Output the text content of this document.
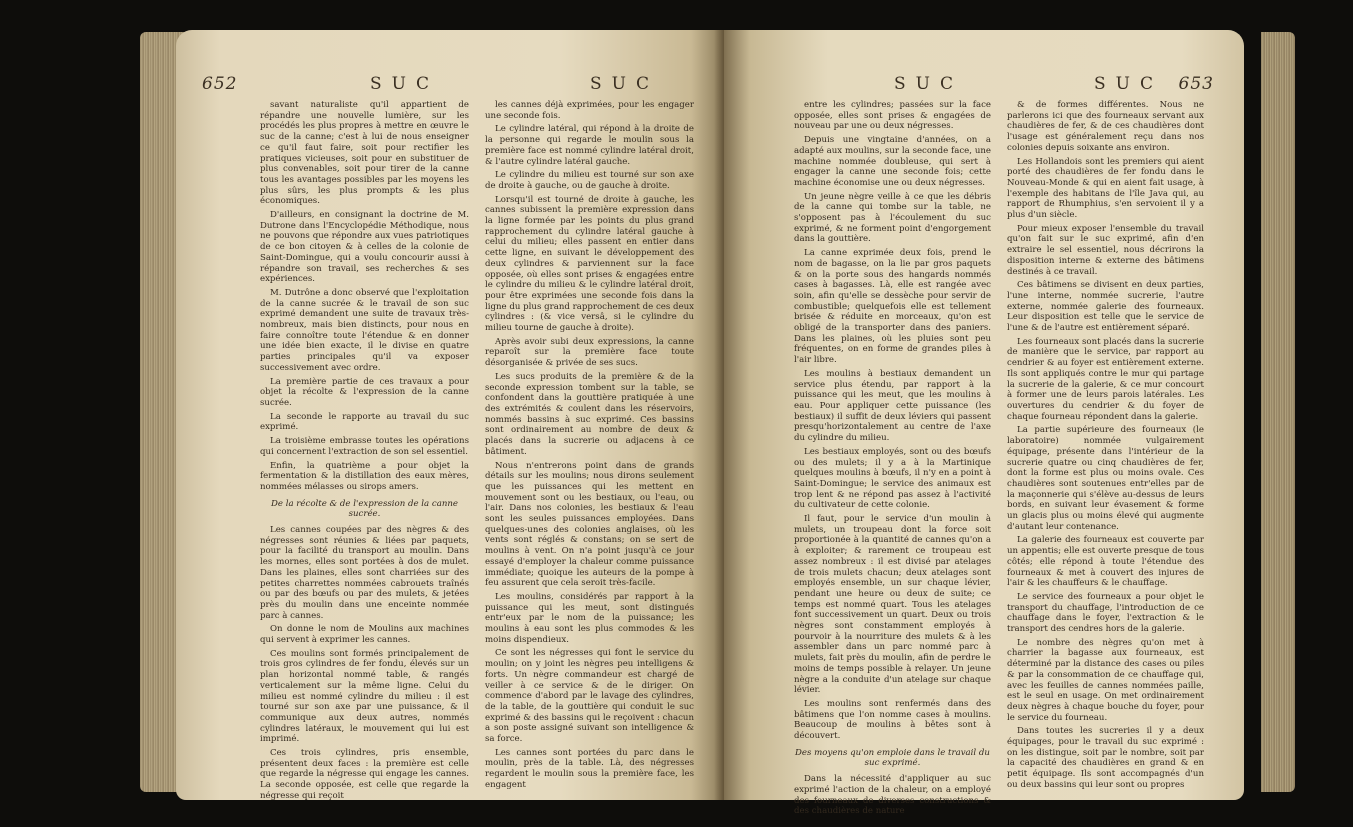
652	SUC	SUC

savant naturaliste qu'il appartient de répandre une nouvelle lumière, sur les procédés les plus propres à mettre en œuvre le suc de la canne; c'est à lui de nous enseigner ce qu'il faut faire, soit pour rectifier les pratiques vicieuses, soit pour en substituer de plus convenables, soit pour tirer de la canne tous les avantages possibles par les moyens les plus sûrs, les plus prompts & les plus économiques.

D'ailleurs, en consignant la doctrine de M. Dutrone dans l'Encyclopédie Méthodique, nous ne pouvons que répondre aux vues patriotiques de ce bon citoyen & à celles de la colonie de Saint-Domingue, qui a voulu concourir aussi à répandre son travail, ses recherches & ses expériences.

M. Dutrône a donc observé que l'exploitation de la canne sucrée & le travail de son suc exprimé demandent une suite de travaux très-nombreux, mais bien distincts, pour nous en faire connoître toute l'étendue & en donner une idée bien exacte, il le divise en quatre parties principales qu'il va exposer successivement avec ordre.

La première partie de ces travaux a pour objet la récolte & l'expression de la canne sucrée.

La seconde le rapporte au travail du suc exprimé.

La troisième embrasse toutes les opérations qui concernent l'extraction de son sel essentiel.

Enfin, la quatrième a pour objet la fermentation & la distillation des eaux mères, nommées mélasses ou sirops amers.

De la récolte & de l'expression de la canne sucrée.

Les cannes coupées par des nègres & des négresses sont réunies & liées par paquets, pour la facilité du transport au moulin. Dans les mornes, elles sont portées à dos de mulet. Dans les plaines, elles sont charriées sur des petites charrettes nommées cabrouets traînés ou par des bœufs ou par des mulets, & jetées près du moulin dans une enceinte nommée parc à cannes.

On donne le nom de Moulins aux machines qui servent à exprimer les cannes.

Ces moulins sont formés principalement de trois gros cylindres de fer fondu, élevés sur un plan horizontal nommé table, & rangés verticalement sur la même ligne. Celui du milieu est nommé cylindre du milieu : il est tourné sur son axe par une puissance, & il communique aux deux autres, nommés cylindres latéraux, le mouvement qui lui est imprimé.

Ces trois cylindres, pris ensemble, présentent deux faces : la première est celle que regarde la négresse qui engage les cannes. La seconde opposée, est celle que regarde la négresse qui reçoit

les cannes déjà exprimées, pour les engager une seconde fois.

Le cylindre latéral, qui répond à la droite de la personne qui regarde le moulin sous la première face est nommé cylindre latéral droit, & l'autre cylindre latéral gauche.

Le cylindre du milieu est tourné sur son axe de droite à gauche, ou de gauche à droite.

Lorsqu'il est tourné de droite à gauche, les cannes subissent la première expression dans la ligne formée par les points du plus grand rapprochement du cylindre latéral gauche à celui du milieu; elles passent en entier dans cette ligne, en suivant le développement des deux cylindres & parviennent sur la face opposée, où elles sont prises & engagées entre le cylindre du milieu & le cylindre latéral droit, pour être exprimées une seconde fois dans la ligne du plus grand rapprochement de ces deux cylindres : (& vice versâ, si le cylindre du milieu tourne de gauche à droite).

Après avoir subi deux expressions, la canne reparoît sur la première face toute désorganisée & privée de ses sucs.

Les sucs produits de la première & de la seconde expression tombent sur la table, se confondent dans la gouttière pratiquée à une des extrémités & coulent dans les réservoirs, nommés bassins à suc exprimé. Ces bassins sont ordinairement au nombre de deux & placés dans la sucrerie ou adjacens à ce bâtiment.

Nous n'entrerons point dans de grands détails sur les moulins; nous dirons seulement que les puissances qui les mettent en mouvement sont ou les bestiaux, ou l'eau, ou l'air. Dans nos colonies, les bestiaux & l'eau sont les seules puissances employées. Dans quelques-unes des colonies anglaises, où les vents sont réglés & constans; on se sert de moulins à vent. On n'a point jusqu'à ce jour essayé d'employer la chaleur comme puissance immédiate; quoique les auteurs de la pompe à feu assurent que cela seroit très-facile.

Les moulins, considérés par rapport à la puissance qui les meut, sont distingués entr'eux par le nom de la puissance; les moulins à eau sont les plus commodes & les moins dispendieux.

Ce sont les négresses qui font le service du moulin; on y joint les nègres peu intelligens & forts. Un nègre commandeur est chargé de veiller à ce service & de le diriger. On commence d'abord par le lavage des cylindres, de la table, de la gouttière qui conduit le suc exprimé & des bassins qui le reçoivent : chacun a son poste assigné suivant son intelligence & sa force.

Les cannes sont portées du parc dans le moulin, près de la table. Là, des négresses regardent le moulin sous la première face, les engagent

SUC	SUC 653

entre les cylindres; passées sur la face opposée, elles sont prises & engagées de nouveau par une ou deux négresses.

Depuis une vingtaine d'années, on a adapté aux moulins, sur la seconde face, une machine nommée doubleuse, qui sert à engager la canne une seconde fois; cette machine économise une ou deux négresses.

Un jeune nègre veille à ce que les débris de la canne qui tombe sur la table, ne s'opposent pas à l'écoulement du suc exprimé, & ne forment point d'engorgement dans la gouttière.

La canne exprimée deux fois, prend le nom de bagasse, on la lie par gros paquets & on la porte sous des hangards nommés cases à bagasses. Là, elle est rangée avec soin, afin qu'elle se dessèche pour servir de combustible; quelquefois elle est tellement brisée & réduite en morceaux, qu'on est obligé de la transporter dans des paniers. Dans les plaines, où les pluies sont peu fréquentes, on en forme de grandes piles à l'air libre.

Les moulins à bestiaux demandent un service plus étendu, par rapport à la puissance qui les meut, que les moulins à eau. Pour appliquer cette puissance (les bestiaux) il suffit de deux léviers qui passent presqu'horizontalement au centre de l'axe du cylindre du milieu.

Les bestiaux employés, sont ou des bœufs ou des mulets; il y a à la Martinique quelques moulins à bœufs, il n'y en a point à Saint-Domingue; le service des animaux est trop lent & ne répond pas assez à l'activité du cultivateur de cette colonie.

Il faut, pour le service d'un moulin à mulets, un troupeau dont la force soit proportionée à la quantité de cannes qu'on a à exploiter; & rarement ce troupeau est assez nombreux : il est divisé par atelages de trois mulets chacun; deux atelages sont employés ensemble, un sur chaque lévier, pendant une heure ou deux de suite; ce temps est nommé quart. Tous les atelages font successivement un quart. Deux ou trois nègres sont constamment employés à pourvoir à la nourriture des mulets & à les assembler dans un parc nommé parc à mulets, fait près du moulin, afin de perdre le moins de temps possible à relayer. Un jeune nègre a la conduite d'un atelage sur chaque lévier.

Les moulins sont renfermés dans des bâtimens que l'on nomme cases à moulins. Beaucoup de moulins à bêtes sont à découvert.

Des moyens qu'on emploie dans le travail du suc exprimé.

Dans la nécessité d'appliquer au suc exprimé l'action de la chaleur, on a employé des fourneaux de diverses constructions & des chaudières de nature

& de formes différentes. Nous ne parlerons ici que des fourneaux servant aux chaudières de fer, & de ces chaudières dont l'usage est généralement reçu dans nos colonies depuis soixante ans environ.

Les Hollandois sont les premiers qui aient porté des chaudières de fer fondu dans le Nouveau-Monde & qui en aient fait usage, à l'exemple des habitans de l'île Java qui, au rapport de Rhumphius, s'en servoient il y a plus d'un siècle.

Pour mieux exposer l'ensemble du travail qu'on fait sur le suc exprimé, afin d'en extraire le sel essentiel, nous décrirons la disposition interne & externe des bâtimens destinés à ce travail.

Ces bâtimens se divisent en deux parties, l'une interne, nommée sucrerie, l'autre externe, nommée galerie des fourneaux. Leur disposition est telle que le service de l'une & de l'autre est entièrement séparé.

Les fourneaux sont placés dans la sucrerie de manière que le service, par rapport au cendrier & au foyer est entièrement externe. Ils sont appliqués contre le mur qui partage la sucrerie de la galerie, & ce mur concourt à former une de leurs parois latérales. Les ouvertures du cendrier & du foyer de chaque fourneau répondent dans la galerie.

La partie supérieure des fourneaux (le laboratoire) nommée vulgairement équipage, présente dans l'intérieur de la sucrerie quatre ou cinq chaudières de fer, dont la forme est plus ou moins ovale. Ces chaudières sont soutenues entr'elles par de la maçonnerie qui s'élève au-dessus de leurs bords, en suivant leur évasement & forme un glacis plus ou moins élevé qui augmente d'autant leur contenance.

La galerie des fourneaux est couverte par un appentis; elle est ouverte presque de tous côtés; elle répond à toute l'étendue des fourneaux & met à couvert des injures de l'air & les chauffeurs & le chauffage.

Le service des fourneaux a pour objet le transport du chauffage, l'introduction de ce chauffage dans le foyer, l'extraction & le transport des cendres hors de la galerie.

Le nombre des nègres qu'on met à charrier la bagasse aux fourneaux, est déterminé par la distance des cases ou piles & par la consommation de ce chauffage qui, avec les feuilles de cannes nommées paille, est le seul en usage. On met ordinairement deux nègres à chaque bouche du foyer, pour le service du fourneau.

Dans toutes les sucreries il y a deux équipages, pour le travail du suc exprimé : on les distingue, soit par le nombre, soit par la capacité des chaudières en grand & en petit équipage. Ils sont accompagnés d'un ou deux bassins qui leur sont ou propres
